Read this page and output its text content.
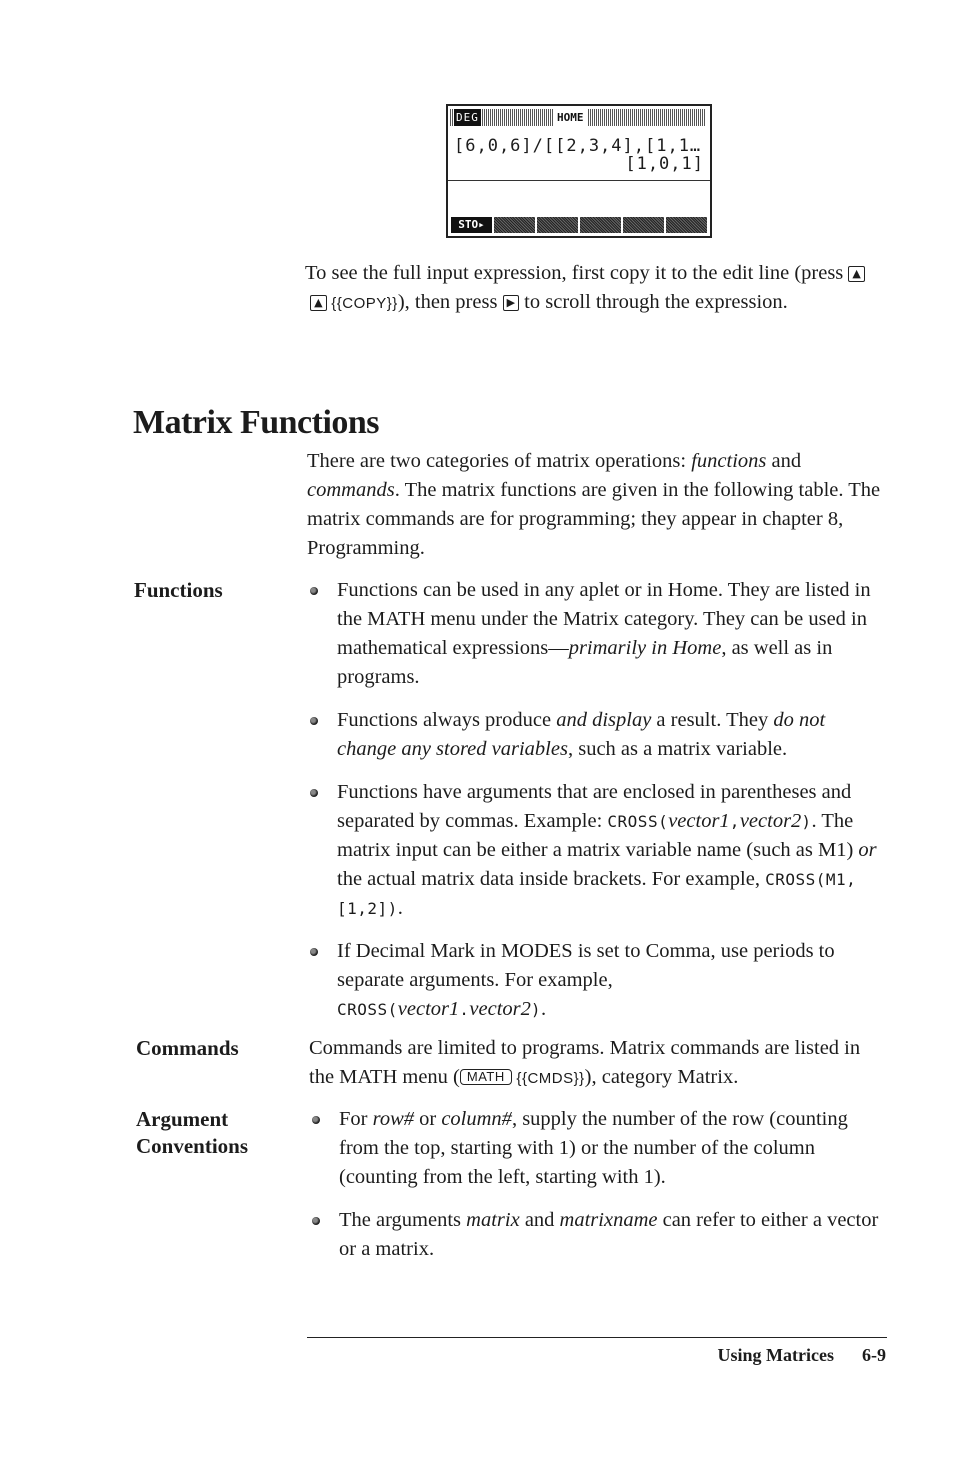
DEG	HOME
[6,0,6]/[[2,3,4],[1,1…
[1,0,1]
STO▸
To see the full input expression, first copy it to the edit line (press ▲ ▲ {{COPY}}), then press ▶ to scroll through the expression.
Matrix Functions
There are two categories of matrix operations: functions and commands. The matrix functions are given in the following table. The matrix commands are for programming; they appear in chapter 8, Programming.
Functions	Functions can be used in any aplet or in Home. They are listed in the MATH menu under the Matrix category. They can be used in mathematical expressions—primarily in Home, as well as in programs.
Functions always produce and display a result. They do not change any stored variables, such as a matrix variable.
Functions have arguments that are enclosed in parentheses and separated by commas. Example: CROSS(vector1,vector2). The matrix input can be either a matrix variable name (such as M1) or the actual matrix data inside brackets. For example, CROSS(M1,[1,2]).
If Decimal Mark in MODES is set to Comma, use periods to separate arguments. For example,
CROSS(vector1.vector2).
Commands	Commands are limited to programs. Matrix commands are listed in the MATH menu ( MATH {{CMDS}}), category Matrix.
Argument
Conventions
For row# or column#, supply the number of the row (counting from the top, starting with 1) or the number of the column (counting from the left, starting with 1).
The arguments matrix and matrixname can refer to either a vector or a matrix.
Using Matrices 6-9
